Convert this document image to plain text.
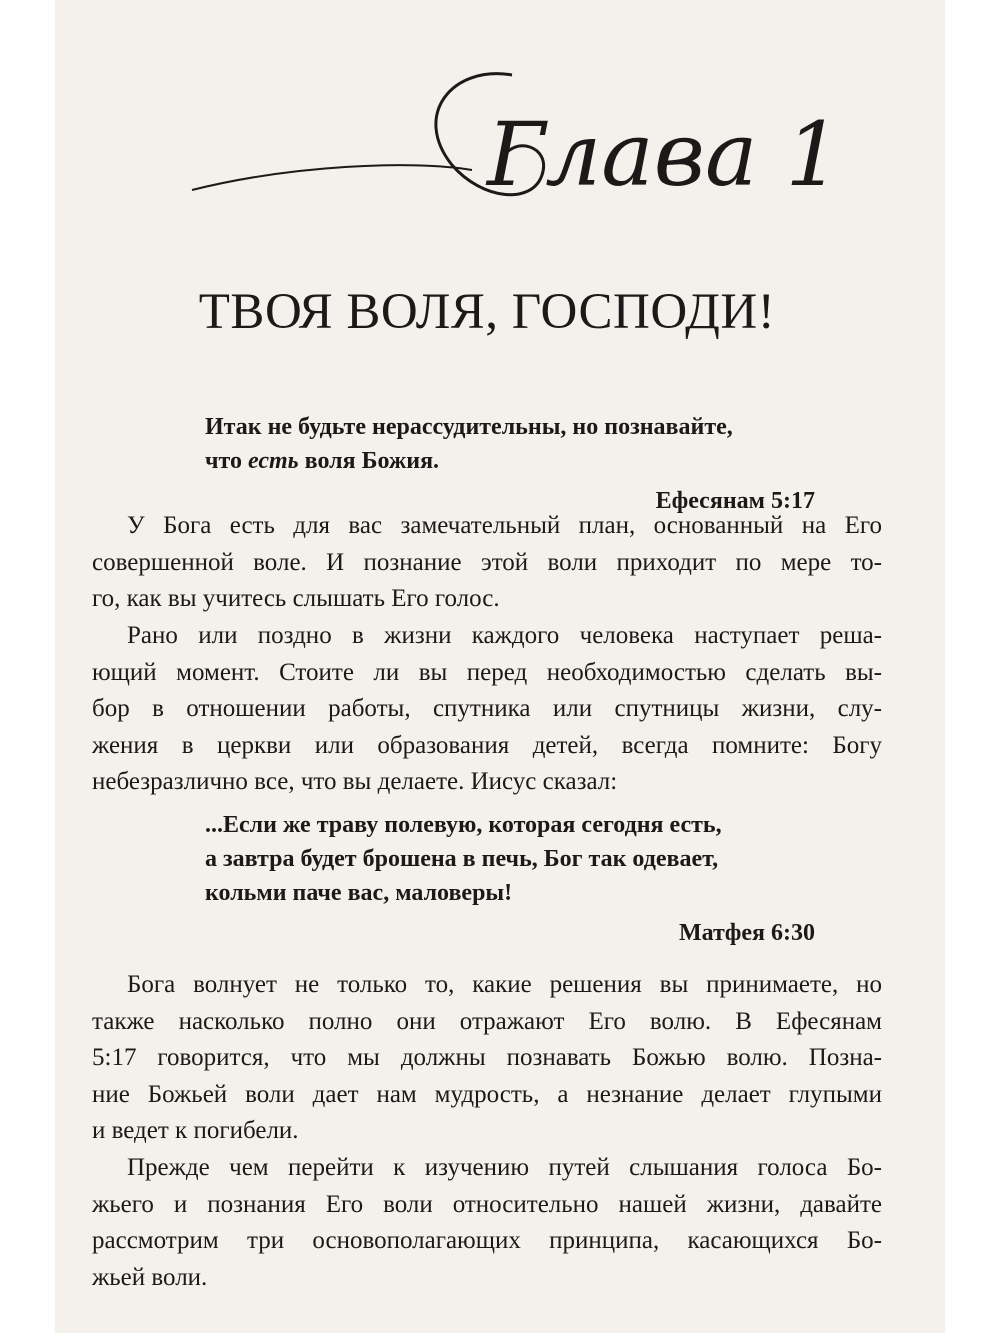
Глава 1
ТВОЯ ВОЛЯ, ГОСПОДИ!
Итак не будьте нерассудительны, но познавайте,
что есть воля Божия.
Ефесянам 5:17
У Бога есть для вас замечательный план, основанный на Его
совершенной воле. И познание этой воли приходит по мере то-
го, как вы учитесь слышать Его голос.
Рано или поздно в жизни каждого человека наступает реша-
ющий момент. Стоите ли вы перед необходимостью сделать вы-
бор в отношении работы, спутника или спутницы жизни, слу-
жения в церкви или образования детей, всегда помните: Богу
небезразлично все, что вы делаете. Иисус сказал:
...Если же траву полевую, которая сегодня есть,
а завтра будет брошена в печь, Бог так одевает,
кольми паче вас, маловеры!
Матфея 6:30
Бога волнует не только то, какие решения вы принимаете, но
также насколько полно они отражают Его волю. В Ефесянам
5:17 говорится, что мы должны познавать Божью волю. Позна-
ние Божьей воли дает нам мудрость, а незнание делает глупыми
и ведет к погибели.
Прежде чем перейти к изучению путей слышания голоса Бо-
жьего и познания Его воли относительно нашей жизни, давайте
рассмотрим три основополагающих принципа, касающихся Бо-
жьей воли.
